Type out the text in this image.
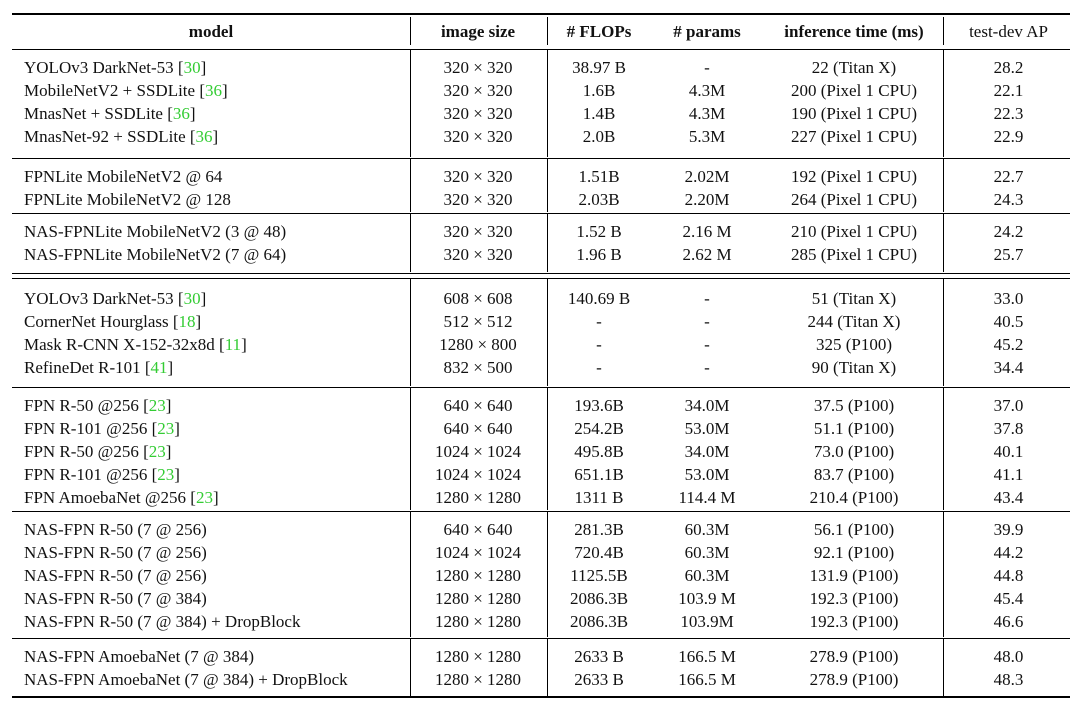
model	image size	# FLOPs	# params	inference time (ms)	test-dev AP
YOLOv3 DarkNet-53 [30]	320 × 320	38.97 B	-	22 (Titan X)	28.2
MobileNetV2 + SSDLite [36]	320 × 320	1.6B	4.3M	200 (Pixel 1 CPU)	22.1
MnasNet + SSDLite [36]	320 × 320	1.4B	4.3M	190 (Pixel 1 CPU)	22.3
MnasNet-92 + SSDLite [36]	320 × 320	2.0B	5.3M	227 (Pixel 1 CPU)	22.9
FPNLite MobileNetV2 @ 64	320 × 320	1.51B	2.02M	192 (Pixel 1 CPU)	22.7
FPNLite MobileNetV2 @ 128	320 × 320	2.03B	2.20M	264 (Pixel 1 CPU)	24.3
NAS-FPNLite MobileNetV2 (3 @ 48)	320 × 320	1.52 B	2.16 M	210 (Pixel 1 CPU)	24.2
NAS-FPNLite MobileNetV2 (7 @ 64)	320 × 320	1.96 B	2.62 M	285 (Pixel 1 CPU)	25.7
YOLOv3 DarkNet-53 [30]	608 × 608	140.69 B	-	51 (Titan X)	33.0
CornerNet Hourglass [18]	512 × 512	-	-	244 (Titan X)	40.5
Mask R-CNN X-152-32x8d [11]	1280 × 800	-	-	325 (P100)	45.2
RefineDet R-101 [41]	832 × 500	-	-	90 (Titan X)	34.4
FPN R-50 @256 [23]	640 × 640	193.6B	34.0M	37.5 (P100)	37.0
FPN R-101 @256 [23]	640 × 640	254.2B	53.0M	51.1 (P100)	37.8
FPN R-50 @256 [23]	1024 × 1024	495.8B	34.0M	73.0 (P100)	40.1
FPN R-101 @256 [23]	1024 × 1024	651.1B	53.0M	83.7 (P100)	41.1
FPN AmoebaNet @256 [23]	1280 × 1280	1311 B	114.4 M	210.4 (P100)	43.4
NAS-FPN R-50 (7 @ 256)	640 × 640	281.3B	60.3M	56.1 (P100)	39.9
NAS-FPN R-50 (7 @ 256)	1024 × 1024	720.4B	60.3M	92.1 (P100)	44.2
NAS-FPN R-50 (7 @ 256)	1280 × 1280	1125.5B	60.3M	131.9 (P100)	44.8
NAS-FPN R-50 (7 @ 384)	1280 × 1280	2086.3B	103.9 M	192.3 (P100)	45.4
NAS-FPN R-50 (7 @ 384) + DropBlock	1280 × 1280	2086.3B	103.9M	192.3 (P100)	46.6
NAS-FPN AmoebaNet (7 @ 384)	1280 × 1280	2633 B	166.5 M	278.9 (P100)	48.0
NAS-FPN AmoebaNet (7 @ 384) + DropBlock	1280 × 1280	2633 B	166.5 M	278.9 (P100)	48.3
